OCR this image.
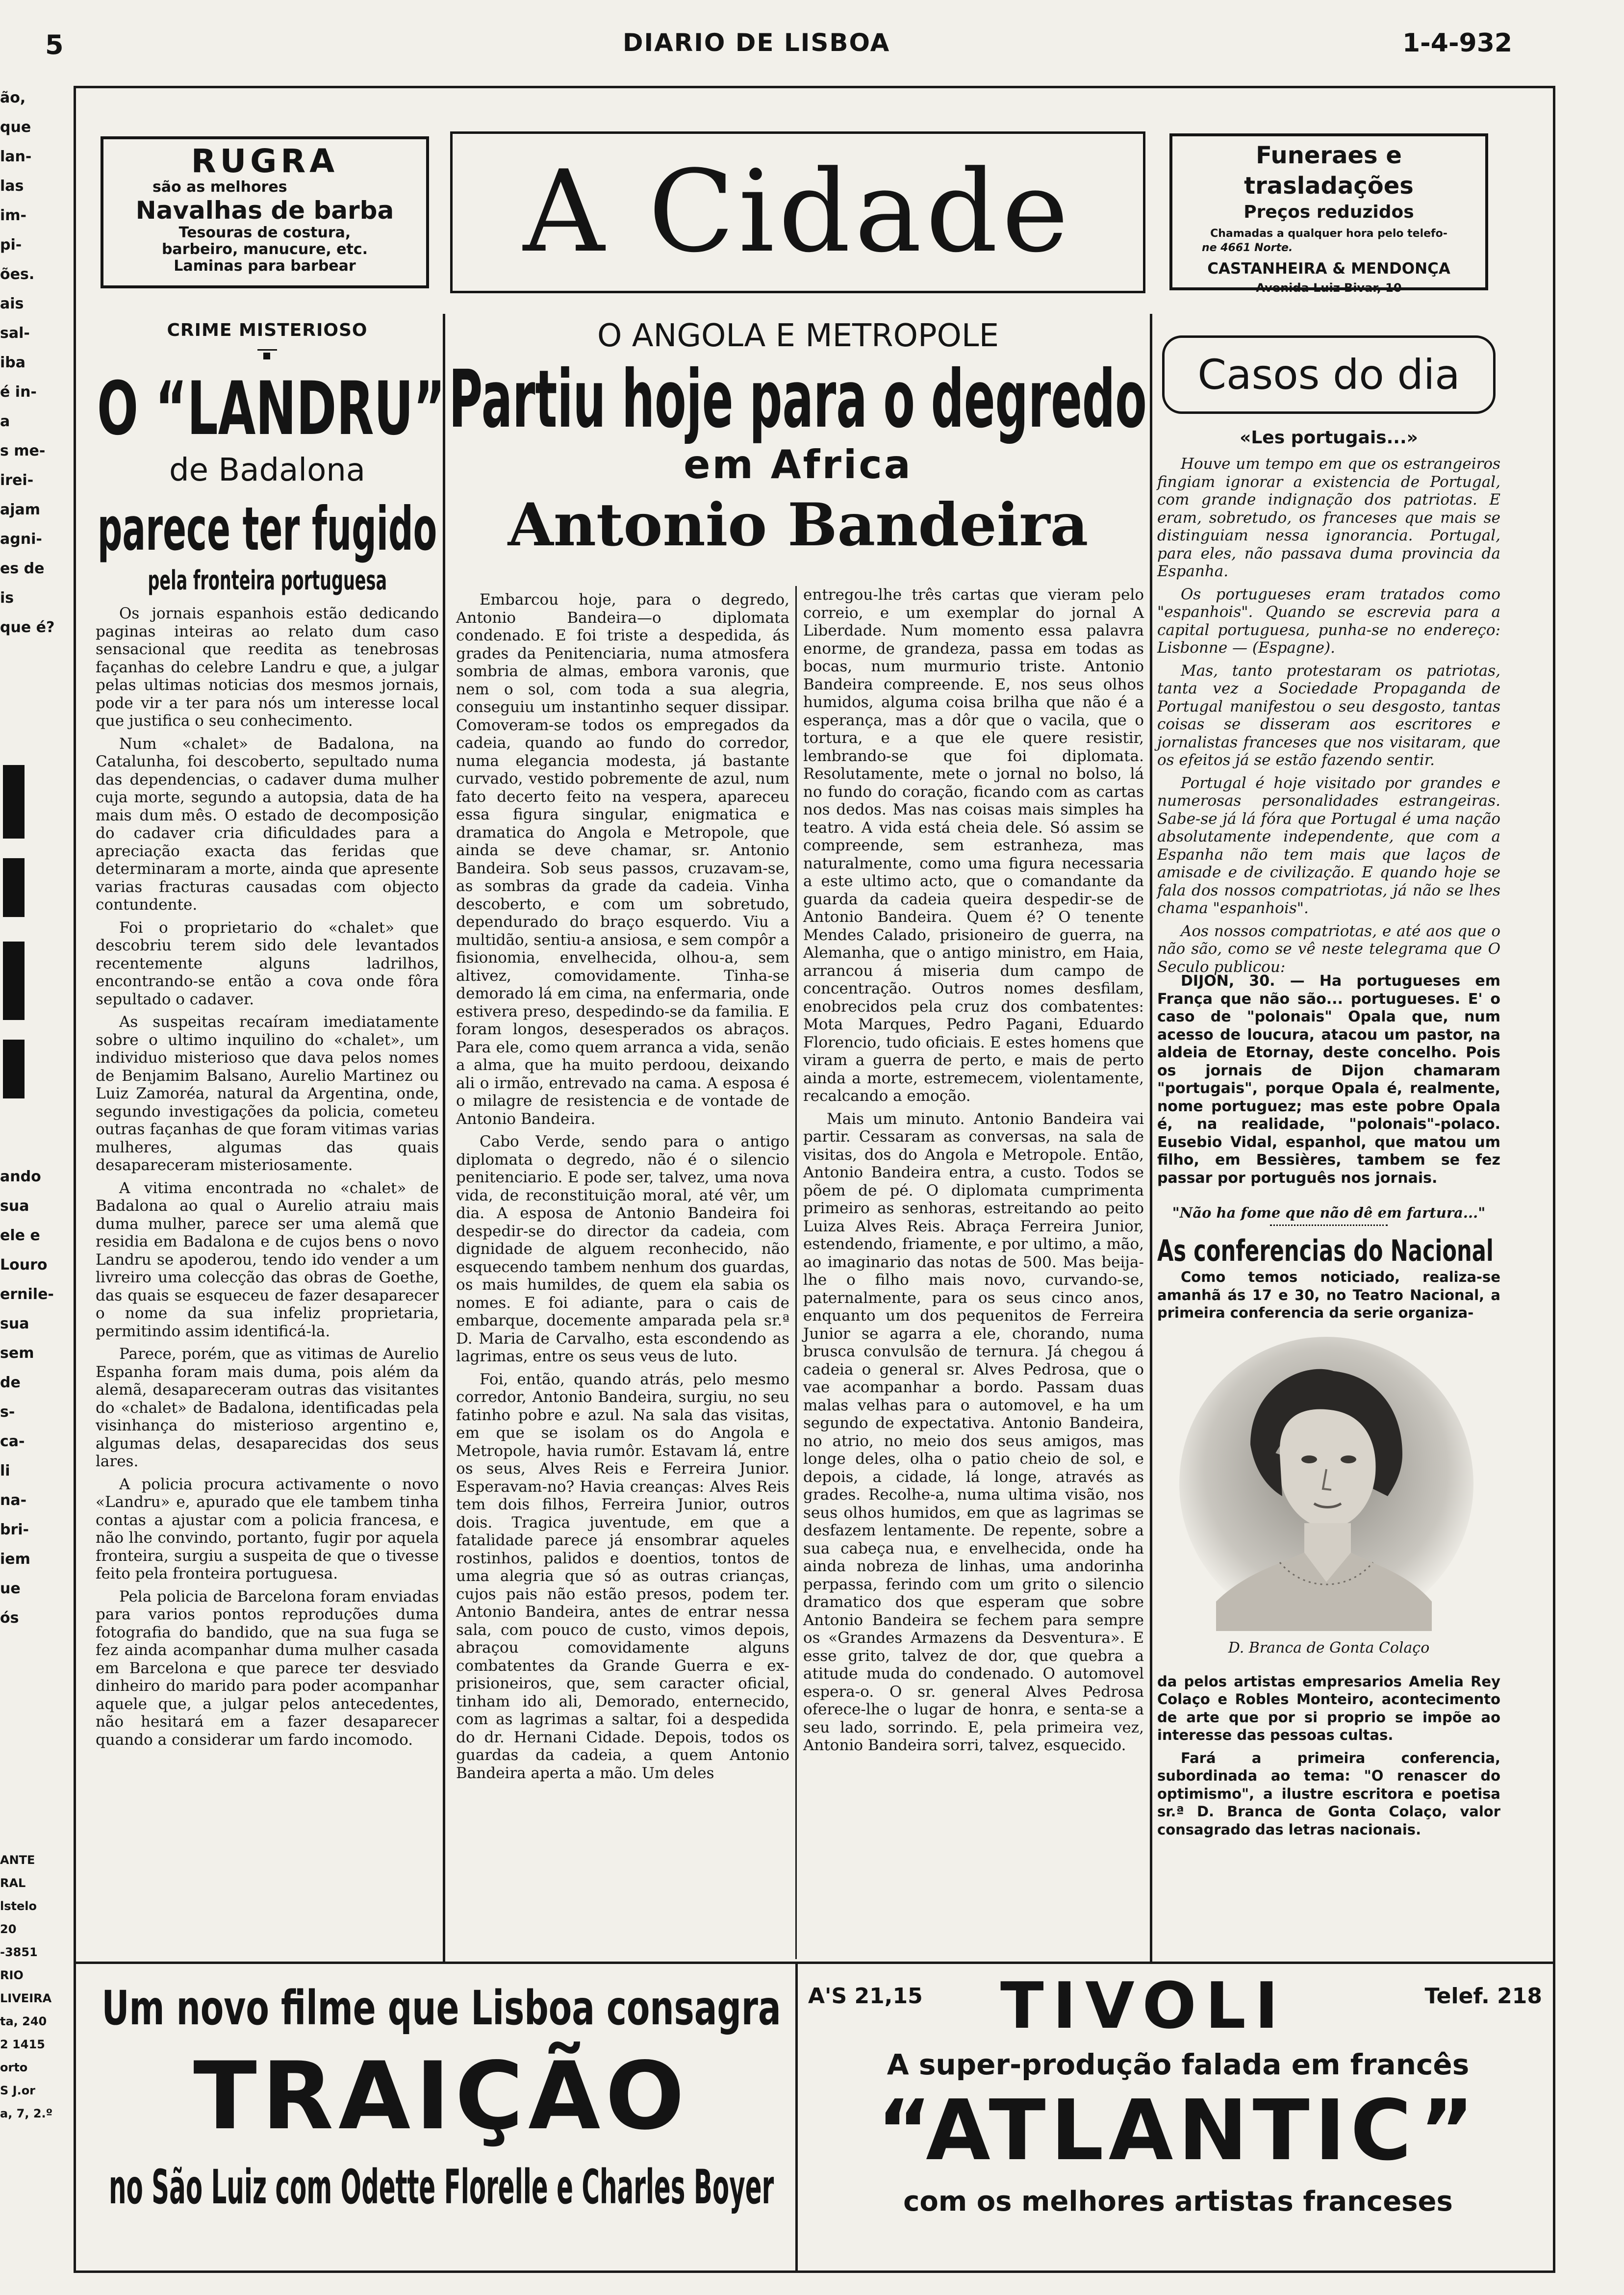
5	DIARIO DE LISBOA	1-4-932
ão,
que
lan-
las
im-
pi-
ões.
ais
sal-
iba
é in-
a
s me-
irei-
ajam
agni-
es de
is
que é?
ando
sua
ele e
Louro
ernile-
sua
sem
de
s-
ca-
li
na-
bri-
iem
ue
ós
ANTE
RAL
lstelo
20
-3851
RIO
LIVEIRA
ta, 240
2 1415
orto
S J.or
a, 7, 2.º
RUGRA
são as melhores
Navalhas de barba
Tesouras de costura,
barbeiro, manucure, etc.
Laminas para barbear	A Cidade	Funeraes e trasladações
Preços reduzidos
Chamadas a qualquer hora pelo telefo-
ne 4661 Norte.
CASTANHEIRA & MENDONÇA
Avenida Luiz Bivar, 10
CRIME MISTERIOSO
O “LANDRU”
de Badalona
parece ter fugido
pela fronteira portuguesa

Os jornais espanhois estão dedicando paginas inteiras ao relato dum caso sensacional que reedita as tenebrosas façanhas do celebre Landru e que, a julgar pelas ultimas noticias dos mesmos jornais, pode vir a ter para nós um interesse local que justifica o seu conhecimento.

Num «chalet» de Badalona, na Catalunha, foi descoberto, sepultado numa das dependencias, o cadaver duma mulher cuja morte, segundo a autopsia, data de ha mais dum mês. O estado de decomposição do cadaver cria dificuldades para a apreciação exacta das feridas que determinaram a morte, ainda que apresente varias fracturas causadas com objecto contundente.

Foi o proprietario do «chalet» que descobriu terem sido dele levantados recentemente alguns ladrilhos, encontrando-se então a cova onde fôra sepultado o cadaver.

As suspeitas recaíram imediatamente sobre o ultimo inquilino do «chalet», um individuo misterioso que dava pelos nomes de Benjamim Balsano, Aurelio Martinez ou Luiz Zamoréa, natural da Argentina, onde, segundo investigações da policia, cometeu outras façanhas de que foram vitimas varias mulheres, algumas das quais desapareceram misteriosamente.

A vitima encontrada no «chalet» de Badalona ao qual o Aurelio atraiu mais duma mulher, parece ser uma alemã que residia em Badalona e de cujos bens o novo Landru se apoderou, tendo ido vender a um livreiro uma colecção das obras de Goethe, das quais se esqueceu de fazer desaparecer o nome da sua infeliz proprietaria, permitindo assim identificá-la.

Parece, porém, que as vitimas de Aurelio Espanha foram mais duma, pois além da alemã, desapareceram outras das visitantes do «chalet» de Badalona, identificadas pela visinhança do misterioso argentino e, algumas delas, desaparecidas dos seus lares.

A policia procura activamente o novo «Landru» e, apurado que ele tambem tinha contas a ajustar com a policia francesa, e não lhe convindo, portanto, fugir por aquela fronteira, surgiu a suspeita de que o tivesse feito pela fronteira portuguesa.

Pela policia de Barcelona foram enviadas para varios pontos reproduções duma fotografia do bandido, que na sua fuga se fez ainda acompanhar duma mulher casada em Barcelona e que parece ter desviado dinheiro do marido para poder acompanhar aquele que, a julgar pelos antecedentes, não hesitará em a fazer desaparecer quando a considerar um fardo incomodo.

O ANGOLA E METROPOLE
Partiu hoje para o degredo
em Africa
Antonio Bandeira

Embarcou hoje, para o degredo, Antonio Bandeira—o diplomata condenado. E foi triste a despedida, ás grades da Penitenciaria, numa atmosfera sombria de almas, embora varonis, que nem o sol, com toda a sua alegria, conseguiu um instantinho sequer dissipar. Comoveram-se todos os empregados da cadeia, quando ao fundo do corredor, numa elegancia modesta, já bastante curvado, vestido pobremente de azul, num fato decerto feito na vespera, apareceu essa figura singular, enigmatica e dramatica do Angola e Metropole, que ainda se deve chamar, sr. Antonio Bandeira. Sob seus passos, cruzavam-se, as sombras da grade da cadeia. Vinha descoberto, e com um sobretudo, dependurado do braço esquerdo. Viu a multidão, sentiu-a ansiosa, e sem compôr a fisionomia, envelhecida, olhou-a, sem altivez, comovidamente. Tinha-se demorado lá em cima, na enfermaria, onde estivera preso, despedindo-se da familia. E foram longos, desesperados os abraços. Para ele, como quem arranca a vida, senão a alma, que ha muito perdoou, deixando ali o irmão, entrevado na cama. A esposa é o milagre de resistencia e de vontade de Antonio Bandeira.

Cabo Verde, sendo para o antigo diplomata o degredo, não é o silencio penitenciario. E pode ser, talvez, uma nova vida, de reconstituição moral, até vêr, um dia. A esposa de Antonio Bandeira foi despedir-se do director da cadeia, com dignidade de alguem reconhecido, não esquecendo tambem nenhum dos guardas, os mais humildes, de quem ela sabia os nomes. E foi adiante, para o cais de embarque, docemente amparada pela sr.ª D. Maria de Carvalho, esta escondendo as lagrimas, entre os seus veus de luto.

Foi, então, quando atrás, pelo mesmo corredor, Antonio Bandeira, surgiu, no seu fatinho pobre e azul. Na sala das visitas, em que se isolam os do Angola e Metropole, havia rumôr. Estavam lá, entre os seus, Alves Reis e Ferreira Junior. Esperavam-no? Havia creanças: Alves Reis tem dois filhos, Ferreira Junior, outros dois. Tragica juventude, em que a fatalidade parece já ensombrar aqueles rostinhos, palidos e doentios, tontos de uma alegria que só as outras crianças, cujos pais não estão presos, podem ter. Antonio Bandeira, antes de entrar nessa sala, com pouco de custo, vimos depois, abraçou comovidamente alguns combatentes da Grande Guerra e ex-prisioneiros, que, sem caracter oficial, tinham ido ali, Demorado, enternecido, com as lagrimas a saltar, foi a despedida do dr. Hernani Cidade. Depois, todos os guardas da cadeia, a quem Antonio Bandeira aperta a mão. Um deles

entregou-lhe três cartas que vieram pelo correio, e um exemplar do jornal A Liberdade. Num momento essa palavra enorme, de grandeza, passa em todas as bocas, num murmurio triste. Antonio Bandeira compreende. E, nos seus olhos humidos, alguma coisa brilha que não é a esperança, mas a dôr que o vacila, que o tortura, e a que ele quere resistir, lembrando-se que foi diplomata. Resolutamente, mete o jornal no bolso, lá no fundo do coração, ficando com as cartas nos dedos. Mas nas coisas mais simples ha teatro. A vida está cheia dele. Só assim se compreende, sem estranheza, mas naturalmente, como uma figura necessaria a este ultimo acto, que o comandante da guarda da cadeia queira despedir-se de Antonio Bandeira. Quem é? O tenente Mendes Calado, prisioneiro de guerra, na Alemanha, que o antigo ministro, em Haia, arrancou á miseria dum campo de concentração. Outros nomes desfilam, enobrecidos pela cruz dos combatentes: Mota Marques, Pedro Pagani, Eduardo Florencio, tudo oficiais. E estes homens que viram a guerra de perto, e mais de perto ainda a morte, estremecem, violentamente, recalcando a emoção.

Mais um minuto. Antonio Bandeira vai partir. Cessaram as conversas, na sala de visitas, dos do Angola e Metropole. Então, Antonio Bandeira entra, a custo. Todos se põem de pé. O diplomata cumprimenta primeiro as senhoras, estreitando ao peito Luiza Alves Reis. Abraça Ferreira Junior, estendendo, friamente, e por ultimo, a mão, ao imaginario das notas de 500. Mas beija-lhe o filho mais novo, curvando-se, paternalmente, para os seus cinco anos, enquanto um dos pequenitos de Ferreira Junior se agarra a ele, chorando, numa brusca convulsão de ternura. Já chegou á cadeia o general sr. Alves Pedrosa, que o vae acompanhar a bordo. Passam duas malas velhas para o automovel, e ha um segundo de expectativa. Antonio Bandeira, no atrio, no meio dos seus amigos, mas longe deles, olha o patio cheio de sol, e depois, a cidade, lá longe, através as grades. Recolhe-a, numa ultima visão, nos seus olhos humidos, em que as lagrimas se desfazem lentamente. De repente, sobre a sua cabeça nua, e envelhecida, onde ha ainda nobreza de linhas, uma andorinha perpassa, ferindo com um grito o silencio dramatico dos que esperam que sobre Antonio Bandeira se fechem para sempre os «Grandes Armazens da Desventura». E esse grito, talvez de dor, que quebra a atitude muda do condenado. O automovel espera-o. O sr. general Alves Pedrosa oferece-lhe o lugar de honra, e senta-se a seu lado, sorrindo. E, pela primeira vez, Antonio Bandeira sorri, talvez, esquecido.

Casos do dia
«Les portugais...»

Houve um tempo em que os estrangeiros fingiam ignorar a existencia de Portugal, com grande indignação dos patriotas. E eram, sobretudo, os franceses que mais se distinguiam nessa ignorancia. Portugal, para eles, não passava duma provincia da Espanha.

Os portugueses eram tratados como "espanhois". Quando se escrevia para a capital portuguesa, punha-se no endereço: Lisbonne — (Espagne).

Mas, tanto protestaram os patriotas, tanta vez a Sociedade Propaganda de Portugal manifestou o seu desgosto, tantas coisas se disseram aos escritores e jornalistas franceses que nos visitaram, que os efeitos já se estão fazendo sentir.

Portugal é hoje visitado por grandes e numerosas personalidades estrangeiras. Sabe-se já lá fóra que Portugal é uma nação absolutamente independente, que com a Espanha não tem mais que laços de amisade e de civilização. E quando hoje se fala dos nossos compatriotas, já não se lhes chama "espanhois".

Aos nossos compatriotas, e até aos que o não são, como se vê neste telegrama que O Seculo publicou:

DIJON, 30. — Ha portugueses em França que não são... portugueses. E' o caso de "polonais" Opala que, num acesso de loucura, atacou um pastor, na aldeia de Etornay, deste concelho. Pois os jornais de Dijon chamaram "portugais", porque Opala é, realmente, nome portuguez; mas este pobre Opala é, na realidade, "polonais"-polaco. Eusebio Vidal, espanhol, que matou um filho, em Bessières, tambem se fez passar por português nos jornais.

"Não ha fome que não dê em fartura..."
As conferencias do Nacional

Como temos noticiado, realiza-se amanhã ás 17 e 30, no Teatro Nacional, a primeira conferencia da serie organiza-

D. Branca de Gonta Colaço

da pelos artistas empresarios Amelia Rey Colaço e Robles Monteiro, acontecimento de arte que por si proprio se impõe ao interesse das pessoas cultas.

Fará a primeira conferencia, subordinada ao tema: "O renascer do optimismo", a ilustre escritora e poetisa sr.ª D. Branca de Gonta Colaço, valor consagrado das letras nacionais.

Um novo filme que Lisboa consagra
TRAIÇÃO
no São Luiz com Odette Florelle e Charles Boyer
A'S 21,15 TIVOLI	Telef. 218
A super-produção falada em francês
“ATLANTIC”
com os melhores artistas franceses
